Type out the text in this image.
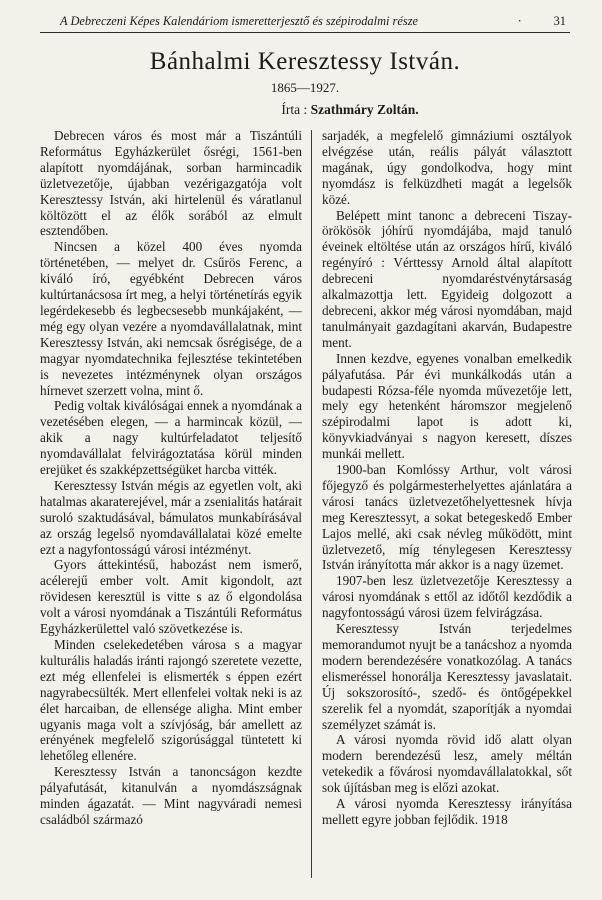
A Debreczeni Képes Kalendáriom ismeretterjesztő és szépirodalmi része	·	31
Bánhalmi Keresztessy István.
1865—1927.
Írta : Szathmáry Zoltán.

Debrecen város és most már a Tiszántúli Református Egyházkerület ősrégi, 1561-ben alapított nyomdájának, sorban harmincadik üzletvezetője, újabban vezérigazgatója volt Keresztessy István, aki hirtelenül és váratlanul költözött el az élők sorából az elmult esztendőben.

Nincsen a közel 400 éves nyomda történetében, — melyet dr. Csűrös Ferenc, a kiváló író, egyébként Debrecen város kultúrtanácsosa írt meg, a helyi történetírás egyik legérdekesebb és legbecsesebb munkájaként, — még egy olyan vezére a nyomdavállalatnak, mint Keresztessy István, aki nemcsak ősrégisége, de a magyar nyomdatechnika fejlesztése tekintetében is nevezetes intézménynek olyan országos hírnevet szerzett volna, mint ő.

Pedig voltak kiválóságai ennek a nyomdának a vezetésében elegen, — a harmincak közül, — akik a nagy kultúrfeladatot teljesítő nyomdavállalat felvirágoztatása körül minden erejüket és szakképzettségüket harcba vitték.

Keresztessy István mégis az egyetlen volt, aki hatalmas akaraterejével, már a zsenialitás határait suroló szaktudásával, bámulatos munkabírásával az ország legelső nyomdavállalatai közé emelte ezt a nagyfontosságú városi intézményt.

Gyors áttekintésű, habozást nem ismerő, acélerejű ember volt. Amit kigondolt, azt rövidesen keresztül is vitte s az ő elgondolása volt a városi nyomdának a Tiszántúli Református Egyházkerülettel való szövetkezése is.

Minden cselekedetében városa s a magyar kulturális haladás iránti rajongó szeretete vezette, ezt még ellenfelei is elismerték s éppen ezért nagyrabecsülték. Mert ellenfelei voltak neki is az élet harcaiban, de ellensége aligha. Mint ember ugyanis maga volt a szívjóság, bár amellett az erényének megfelelő szigorúsággal tüntetett ki lehetőleg ellenére.

Keresztessy István a tanoncságon kezdte pályafutását, kitanulván a nyomdászságnak minden ágazatát. — Mint nagyváradi nemesi családból származó

sarjadék, a megfelelő gimnáziumi osztályok elvégzése után, reális pályát választott magának, úgy gondolkodva, hogy mint nyomdász is felküzdheti magát a legelsők közé.

Belépett mint tanonc a debreceni Tiszay-örökösök jóhírű nyomdájába, majd tanuló éveinek eltöltése után az országos hírű, kiváló regényíró : Vérttessy Arnold által alapított debreceni nyomdaréstvénytársaság alkalmazottja lett. Egyideig dolgozott a debreceni, akkor még városi nyomdában, majd tanulmányait gazdagítani akarván, Budapestre ment.

Innen kezdve, egyenes vonalban emelkedik pályafutása. Pár évi munkálkodás után a budapesti Rózsa-féle nyomda művezetője lett, mely egy hetenként háromszor megjelenő szépirodalmi lapot is adott ki, könyvkiadványai s nagyon keresett, díszes munkái mellett.

1900-ban Komlóssy Arthur, volt városi főjegyző és polgármesterhelyettes ajánlatára a városi tanács üzletvezetőhelyettesnek hívja meg Keresztessyt, a sokat betegeskedő Ember Lajos mellé, aki csak névleg működött, mint üzletvezető, míg ténylegesen Keresztessy István irányította már akkor is a nagy üzemet.

1907-ben lesz üzletvezetője Keresztessy a városi nyomdának s ettől az időtől kezdődik a nagyfontosságú városi üzem felvirágzása.

Keresztessy István terjedelmes memorandumot nyujt be a tanácshoz a nyomda modern berendezésére vonatkozólag. A tanács elismeréssel honorálja Keresztessy javaslatait. Új sokszorosító-, szedő- és öntőgépekkel szerelik fel a nyomdát, szaporítják a nyomdai személyzet számát is.

A városi nyomda rövid idő alatt olyan modern berendezésű lesz, amely méltán vetekedik a fővárosi nyomdavállalatokkal, sőt sok újításban meg is előzi azokat.

A városi nyomda Keresztessy irányítása mellett egyre jobban fejlődik. 1918
